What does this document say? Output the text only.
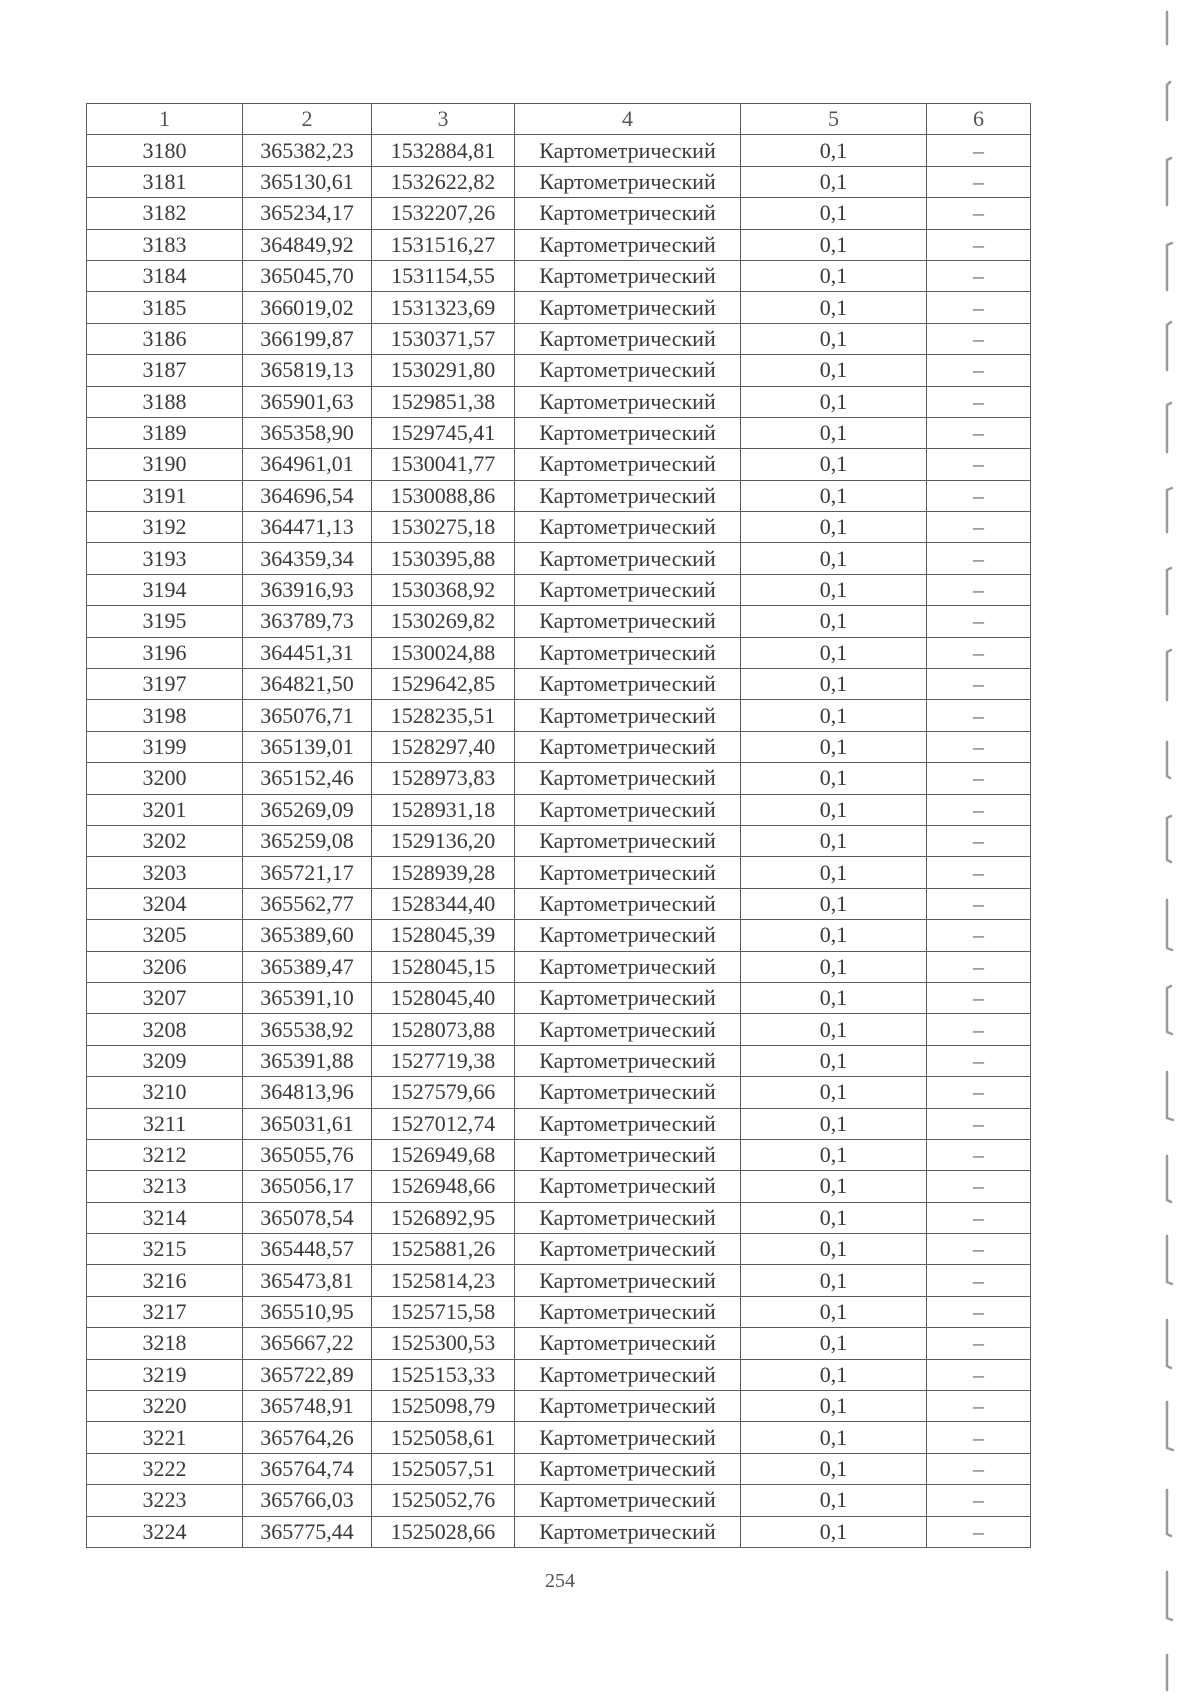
1	2	3	4	5	6
3180	365382,23	1532884,81	Картометрический	0,1	–
3181	365130,61	1532622,82	Картометрический	0,1	–
3182	365234,17	1532207,26	Картометрический	0,1	–
3183	364849,92	1531516,27	Картометрический	0,1	–
3184	365045,70	1531154,55	Картометрический	0,1	–
3185	366019,02	1531323,69	Картометрический	0,1	–
3186	366199,87	1530371,57	Картометрический	0,1	–
3187	365819,13	1530291,80	Картометрический	0,1	–
3188	365901,63	1529851,38	Картометрический	0,1	–
3189	365358,90	1529745,41	Картометрический	0,1	–
3190	364961,01	1530041,77	Картометрический	0,1	–
3191	364696,54	1530088,86	Картометрический	0,1	–
3192	364471,13	1530275,18	Картометрический	0,1	–
3193	364359,34	1530395,88	Картометрический	0,1	–
3194	363916,93	1530368,92	Картометрический	0,1	–
3195	363789,73	1530269,82	Картометрический	0,1	–
3196	364451,31	1530024,88	Картометрический	0,1	–
3197	364821,50	1529642,85	Картометрический	0,1	–
3198	365076,71	1528235,51	Картометрический	0,1	–
3199	365139,01	1528297,40	Картометрический	0,1	–
3200	365152,46	1528973,83	Картометрический	0,1	–
3201	365269,09	1528931,18	Картометрический	0,1	–
3202	365259,08	1529136,20	Картометрический	0,1	–
3203	365721,17	1528939,28	Картометрический	0,1	–
3204	365562,77	1528344,40	Картометрический	0,1	–
3205	365389,60	1528045,39	Картометрический	0,1	–
3206	365389,47	1528045,15	Картометрический	0,1	–
3207	365391,10	1528045,40	Картометрический	0,1	–
3208	365538,92	1528073,88	Картометрический	0,1	–
3209	365391,88	1527719,38	Картометрический	0,1	–
3210	364813,96	1527579,66	Картометрический	0,1	–
3211	365031,61	1527012,74	Картометрический	0,1	–
3212	365055,76	1526949,68	Картометрический	0,1	–
3213	365056,17	1526948,66	Картометрический	0,1	–
3214	365078,54	1526892,95	Картометрический	0,1	–
3215	365448,57	1525881,26	Картометрический	0,1	–
3216	365473,81	1525814,23	Картометрический	0,1	–
3217	365510,95	1525715,58	Картометрический	0,1	–
3218	365667,22	1525300,53	Картометрический	0,1	–
3219	365722,89	1525153,33	Картометрический	0,1	–
3220	365748,91	1525098,79	Картометрический	0,1	–
3221	365764,26	1525058,61	Картометрический	0,1	–
3222	365764,74	1525057,51	Картометрический	0,1	–
3223	365766,03	1525052,76	Картометрический	0,1	–
3224	365775,44	1525028,66	Картометрический	0,1	–
254
